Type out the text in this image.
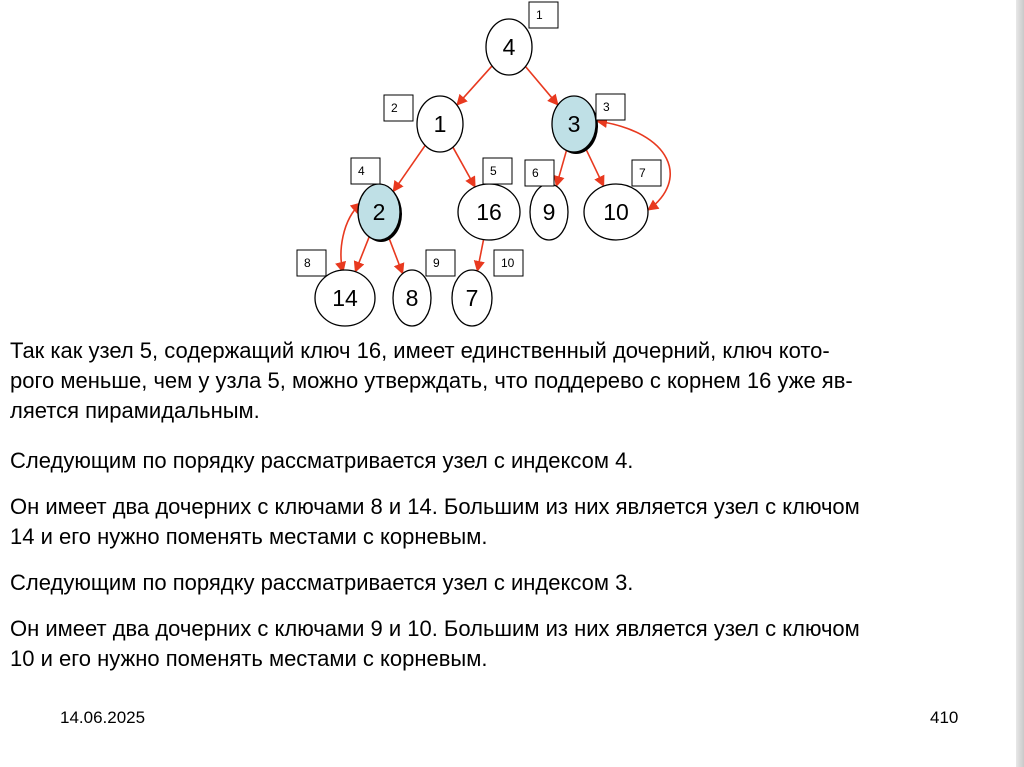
4
1	3
2	16 9 10
14 8 7
1
2	3
4	5	6	7
8	9	10
Так как узел 5, содержащий ключ 16, имеет единственный дочерний, ключ кото-
рого меньше, чем у узла 5, можно утверждать, что поддерево с корнем 16 уже яв-
ляется пирамидальным.
Следующим по порядку рассматривается узел с индексом 4.
Он имеет два дочерних с ключами 8 и 14. Большим из них является узел с ключом
14 и его нужно поменять местами с корневым.
Следующим по порядку рассматривается узел с индексом 3.
Он имеет два дочерних с ключами 9 и 10. Большим из них является узел с ключом
10 и его нужно поменять местами с корневым.
14.06.2025	410
